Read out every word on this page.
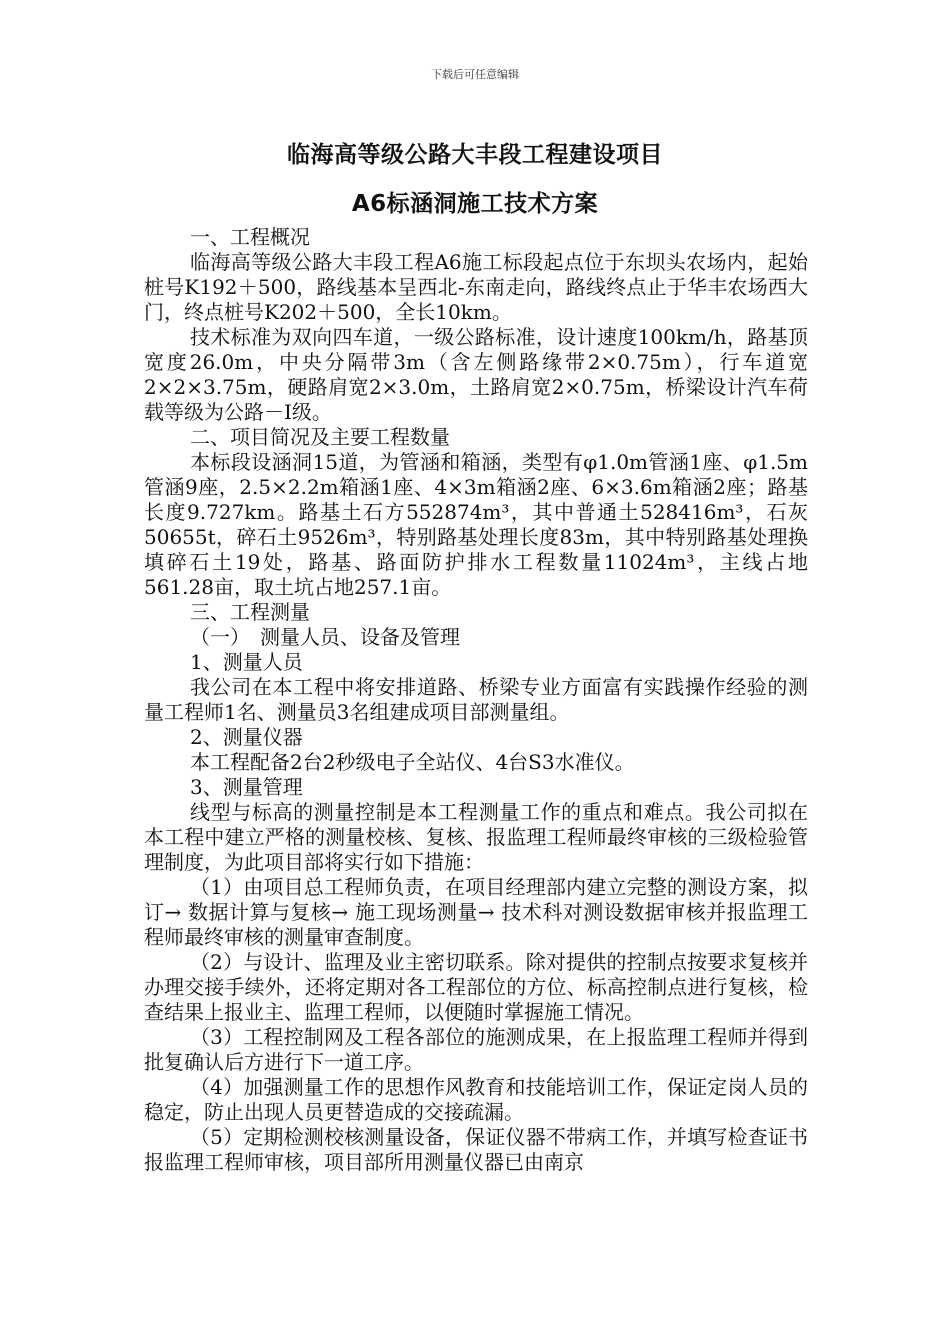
下载后可任意编辑
临海高等级公路大丰段工程建设项目
A6标涵洞施工技术方案

一、工程概况

临海高等级公路大丰段工程A6施工标段起点位于东坝头农场内，起始桩号K192＋500，路线基本呈西北-东南走向，路线终点止于华丰农场西大门，终点桩号K202＋500，全长10km。

技术标准为双向四车道，一级公路标准，设计速度100km/h，路基顶宽度26.0m，中央分隔带3m（含左侧路缘带2×0.75m），行车道宽2×2×3.75m，硬路肩宽2×3.0m，土路肩宽2×0.75m，桥梁设计汽车荷载等级为公路－Ⅰ级。

二、项目简况及主要工程数量

本标段设涵洞15道，为管涵和箱涵，类型有φ1.0m管涵1座、φ1.5m管涵9座，2.5×2.2m箱涵1座、4×3m箱涵2座、6×3.6m箱涵2座；路基长度9.727km。路基土石方552874m³，其中普通土528416m³，石灰50655t，碎石土9526m³，特别路基处理长度83m，其中特别路基处理换填碎石土19处，路基、路面防护排水工程数量11024m³，主线占地561.28亩，取土坑占地257.1亩。

三、工程测量

（一）　测量人员、设备及管理

1、测量人员

我公司在本工程中将安排道路、桥梁专业方面富有实践操作经验的测量工程师1名、测量员3名组建成项目部测量组。

2、测量仪器

本工程配备2台2秒级电子全站仪、4台S3水准仪。

3、测量管理

线型与标高的测量控制是本工程测量工作的重点和难点。我公司拟在本工程中建立严格的测量校核、复核、报监理工程师最终审核的三级检验管理制度，为此项目部将实行如下措施：

（1）由项目总工程师负责，在项目经理部内建立完整的测设方案，拟订→ 数据计算与复核→ 施工现场测量→ 技术科对测设数据审核并报监理工程师最终审核的测量审查制度。

（2）与设计、监理及业主密切联系。除对提供的控制点按要求复核并办理交接手续外，还将定期对各工程部位的方位、标高控制点进行复核，检查结果上报业主、监理工程师，以便随时掌握施工情况。

（3）工程控制网及工程各部位的施测成果，在上报监理工程师并得到批复确认后方进行下一道工序。

（4）加强测量工作的思想作风教育和技能培训工作，保证定岗人员的稳定，防止出现人员更替造成的交接疏漏。

（5）定期检测校核测量设备，保证仪器不带病工作，并填写检查证书报监理工程师审核，项目部所用测量仪器已由南京
